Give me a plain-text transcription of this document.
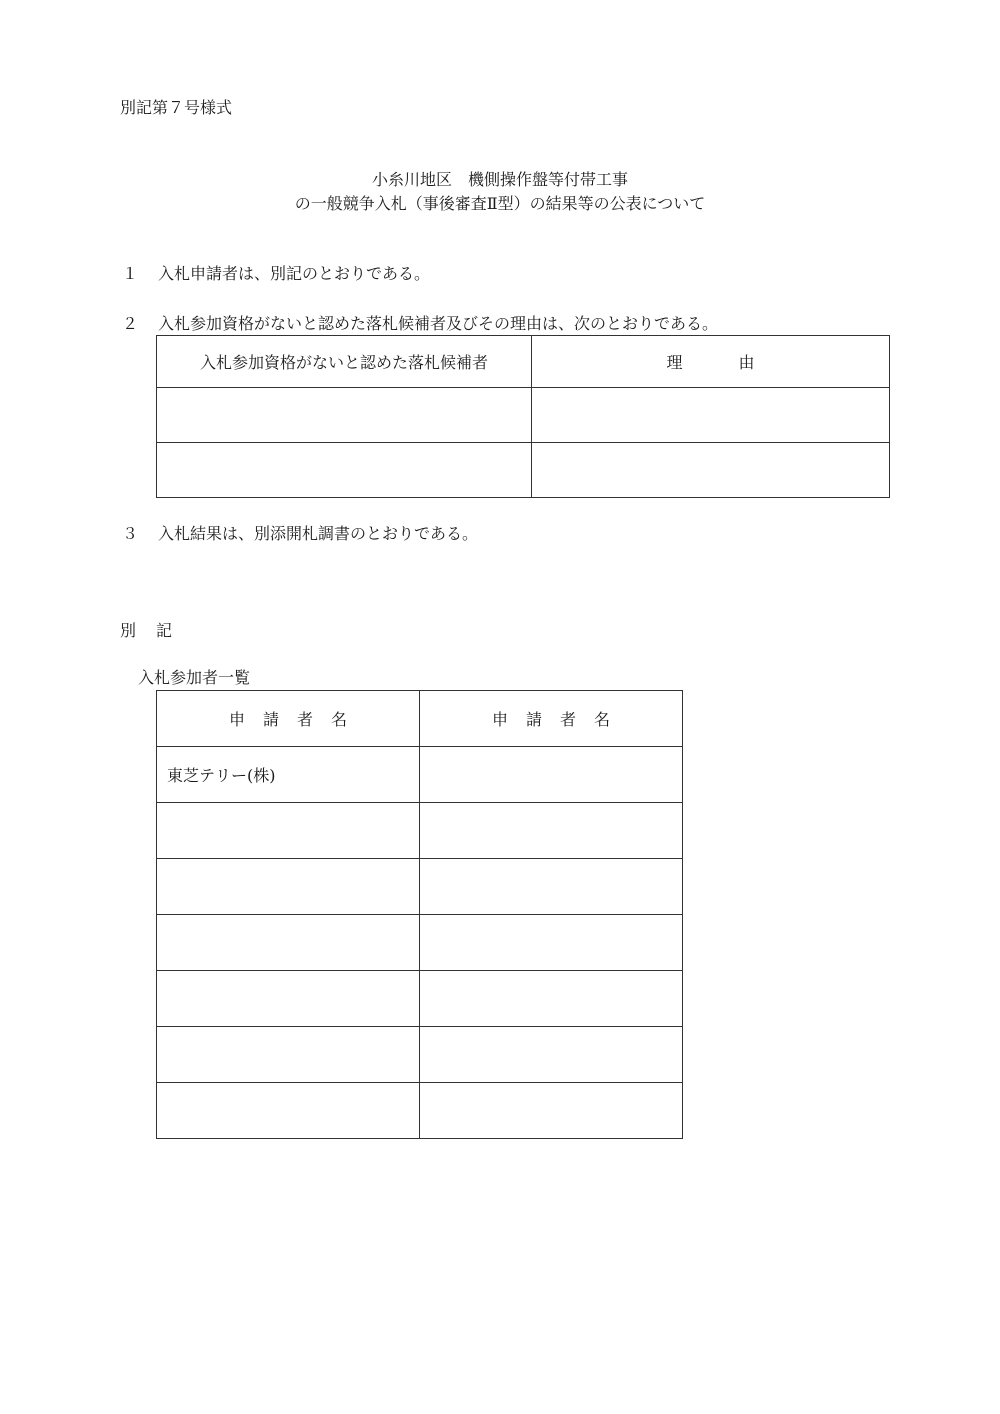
別記第７号様式
小糸川地区　機側操作盤等付帯工事
の一般競争入札（事後審査Ⅱ型）の結果等の公表について
１ 入札申請者は、別記のとおりである。
２ 入札参加資格がないと認めた落札候補者及びその理由は、次のとおりである。
入札参加資格がないと認めた落札候補者	理 由

３ 入札結果は、別添開札調書のとおりである。
別 記
入札参加者一覧
申 請 者 名	申 請 者 名
東芝テリー(株)	
